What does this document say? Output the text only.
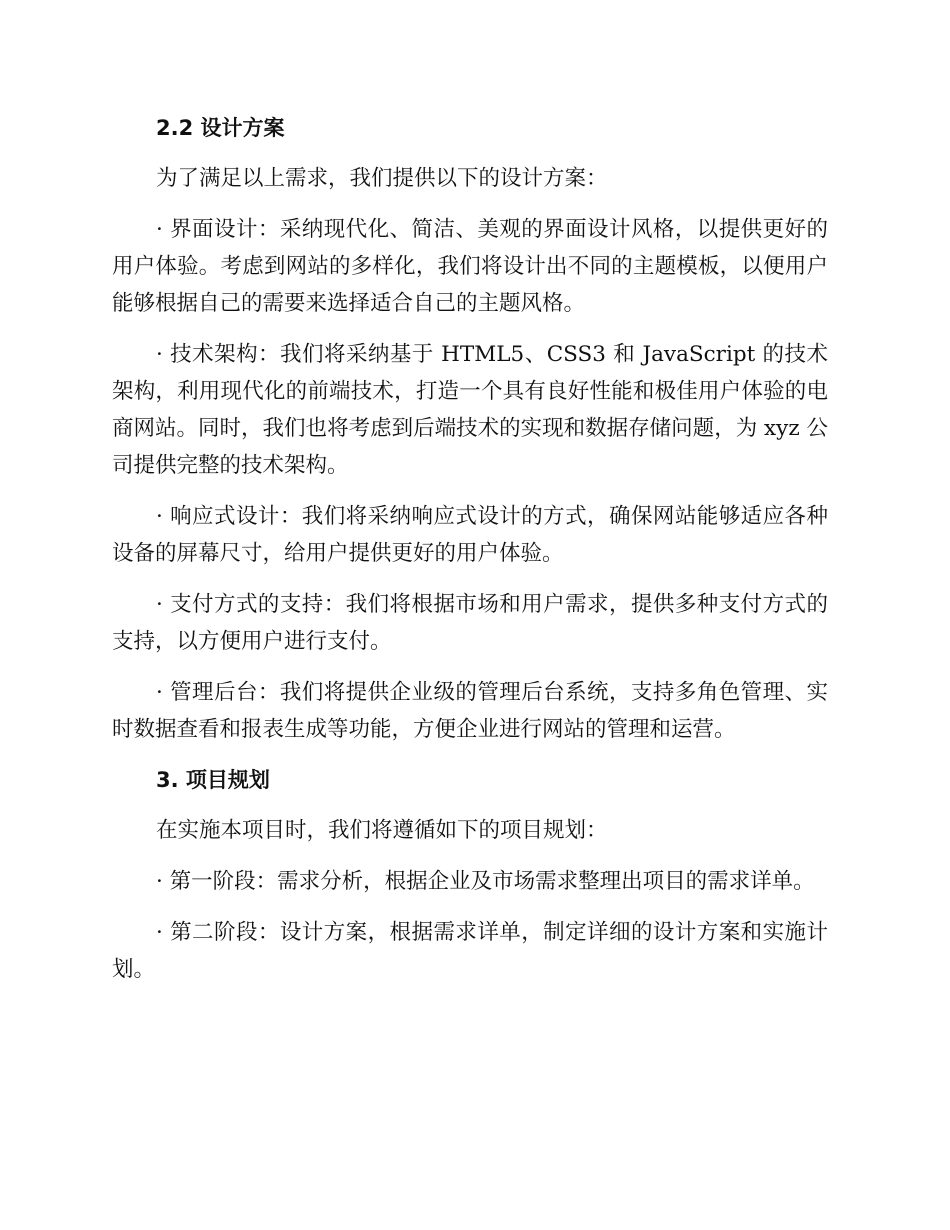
2.2 设计方案

为了满足以上需求，我们提供以下的设计方案：

· 界面设计：采纳现代化、简洁、美观的界面设计风格，以提供更好的用户体验。考虑到网站的多样化，我们将设计出不同的主题模板，以便用户能够根据自己的需要来选择适合自己的主题风格。

· 技术架构：我们将采纳基于 HTML5、CSS3 和 JavaScript 的技术架构，利用现代化的前端技术，打造一个具有良好性能和极佳用户体验的电商网站。同时，我们也将考虑到后端技术的实现和数据存储问题，为 xyz 公司提供完整的技术架构。

· 响应式设计：我们将采纳响应式设计的方式，确保网站能够适应各种设备的屏幕尺寸，给用户提供更好的用户体验。

· 支付方式的支持：我们将根据市场和用户需求，提供多种支付方式的支持，以方便用户进行支付。

· 管理后台：我们将提供企业级的管理后台系统，支持多角色管理、实时数据查看和报表生成等功能，方便企业进行网站的管理和运营。

3. 项目规划

在实施本项目时，我们将遵循如下的项目规划：

· 第一阶段：需求分析，根据企业及市场需求整理出项目的需求详单。

· 第二阶段：设计方案，根据需求详单，制定详细的设计方案和实施计划。
